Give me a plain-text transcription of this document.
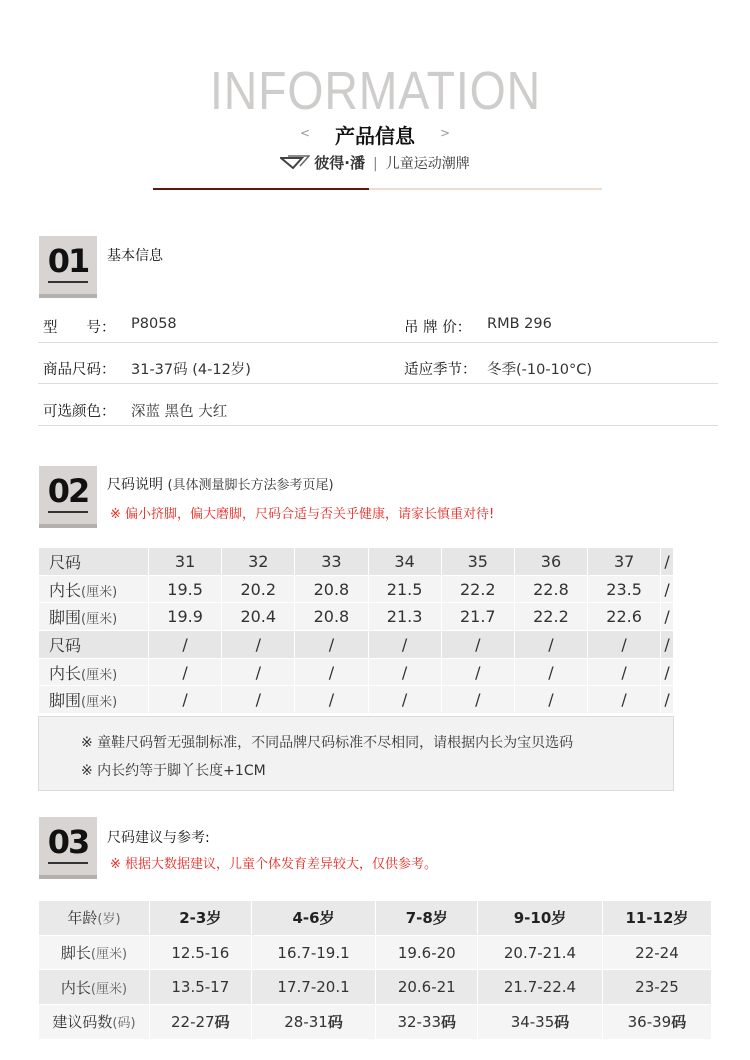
INFORMATION
<	产品信息	>
彼得·潘 | 儿童运动潮牌
01	基本信息
型　　号： P8058	吊 牌 价： RMB 296
商品尺码： 31-37码 (4-12岁)	适应季节： 冬季(-10-10°C)
可选颜色： 深蓝 黑色 大红
02	尺码说明 (具体测量脚长方法参考页尾)
※ 偏小挤脚，偏大磨脚，尺码合适与否关乎健康，请家长慎重对待!
尺码	31	32	33	34	35	36	37	/
内长(厘米)	19.5	20.2	20.8	21.5	22.2	22.8	23.5	/
脚围(厘米)	19.9	20.4	20.8	21.3	21.7	22.2	22.6	/
尺码	/	/	/	/	/	/	/	/
内长(厘米)	/	/	/	/	/	/	/	/
脚围(厘米)	/	/	/	/	/	/	/	/
※ 童鞋尺码暂无强制标准，不同品牌尺码标准不尽相同，请根据内长为宝贝选码
※ 内长约等于脚丫长度+1CM
03	尺码建议与参考:
※ 根据大数据建议，儿童个体发育差异较大，仅供参考。
年龄(岁)	2-3岁	4-6岁	7-8岁	9-10岁	11-12岁
脚长(厘米)	12.5-16	16.7-19.1	19.6-20	20.7-21.4	22-24
内长(厘米)	13.5-17	17.7-20.1	20.6-21	21.7-22.4	23-25
建议码数(码)	22-27码	28-31码	32-33码	34-35码	36-39码
